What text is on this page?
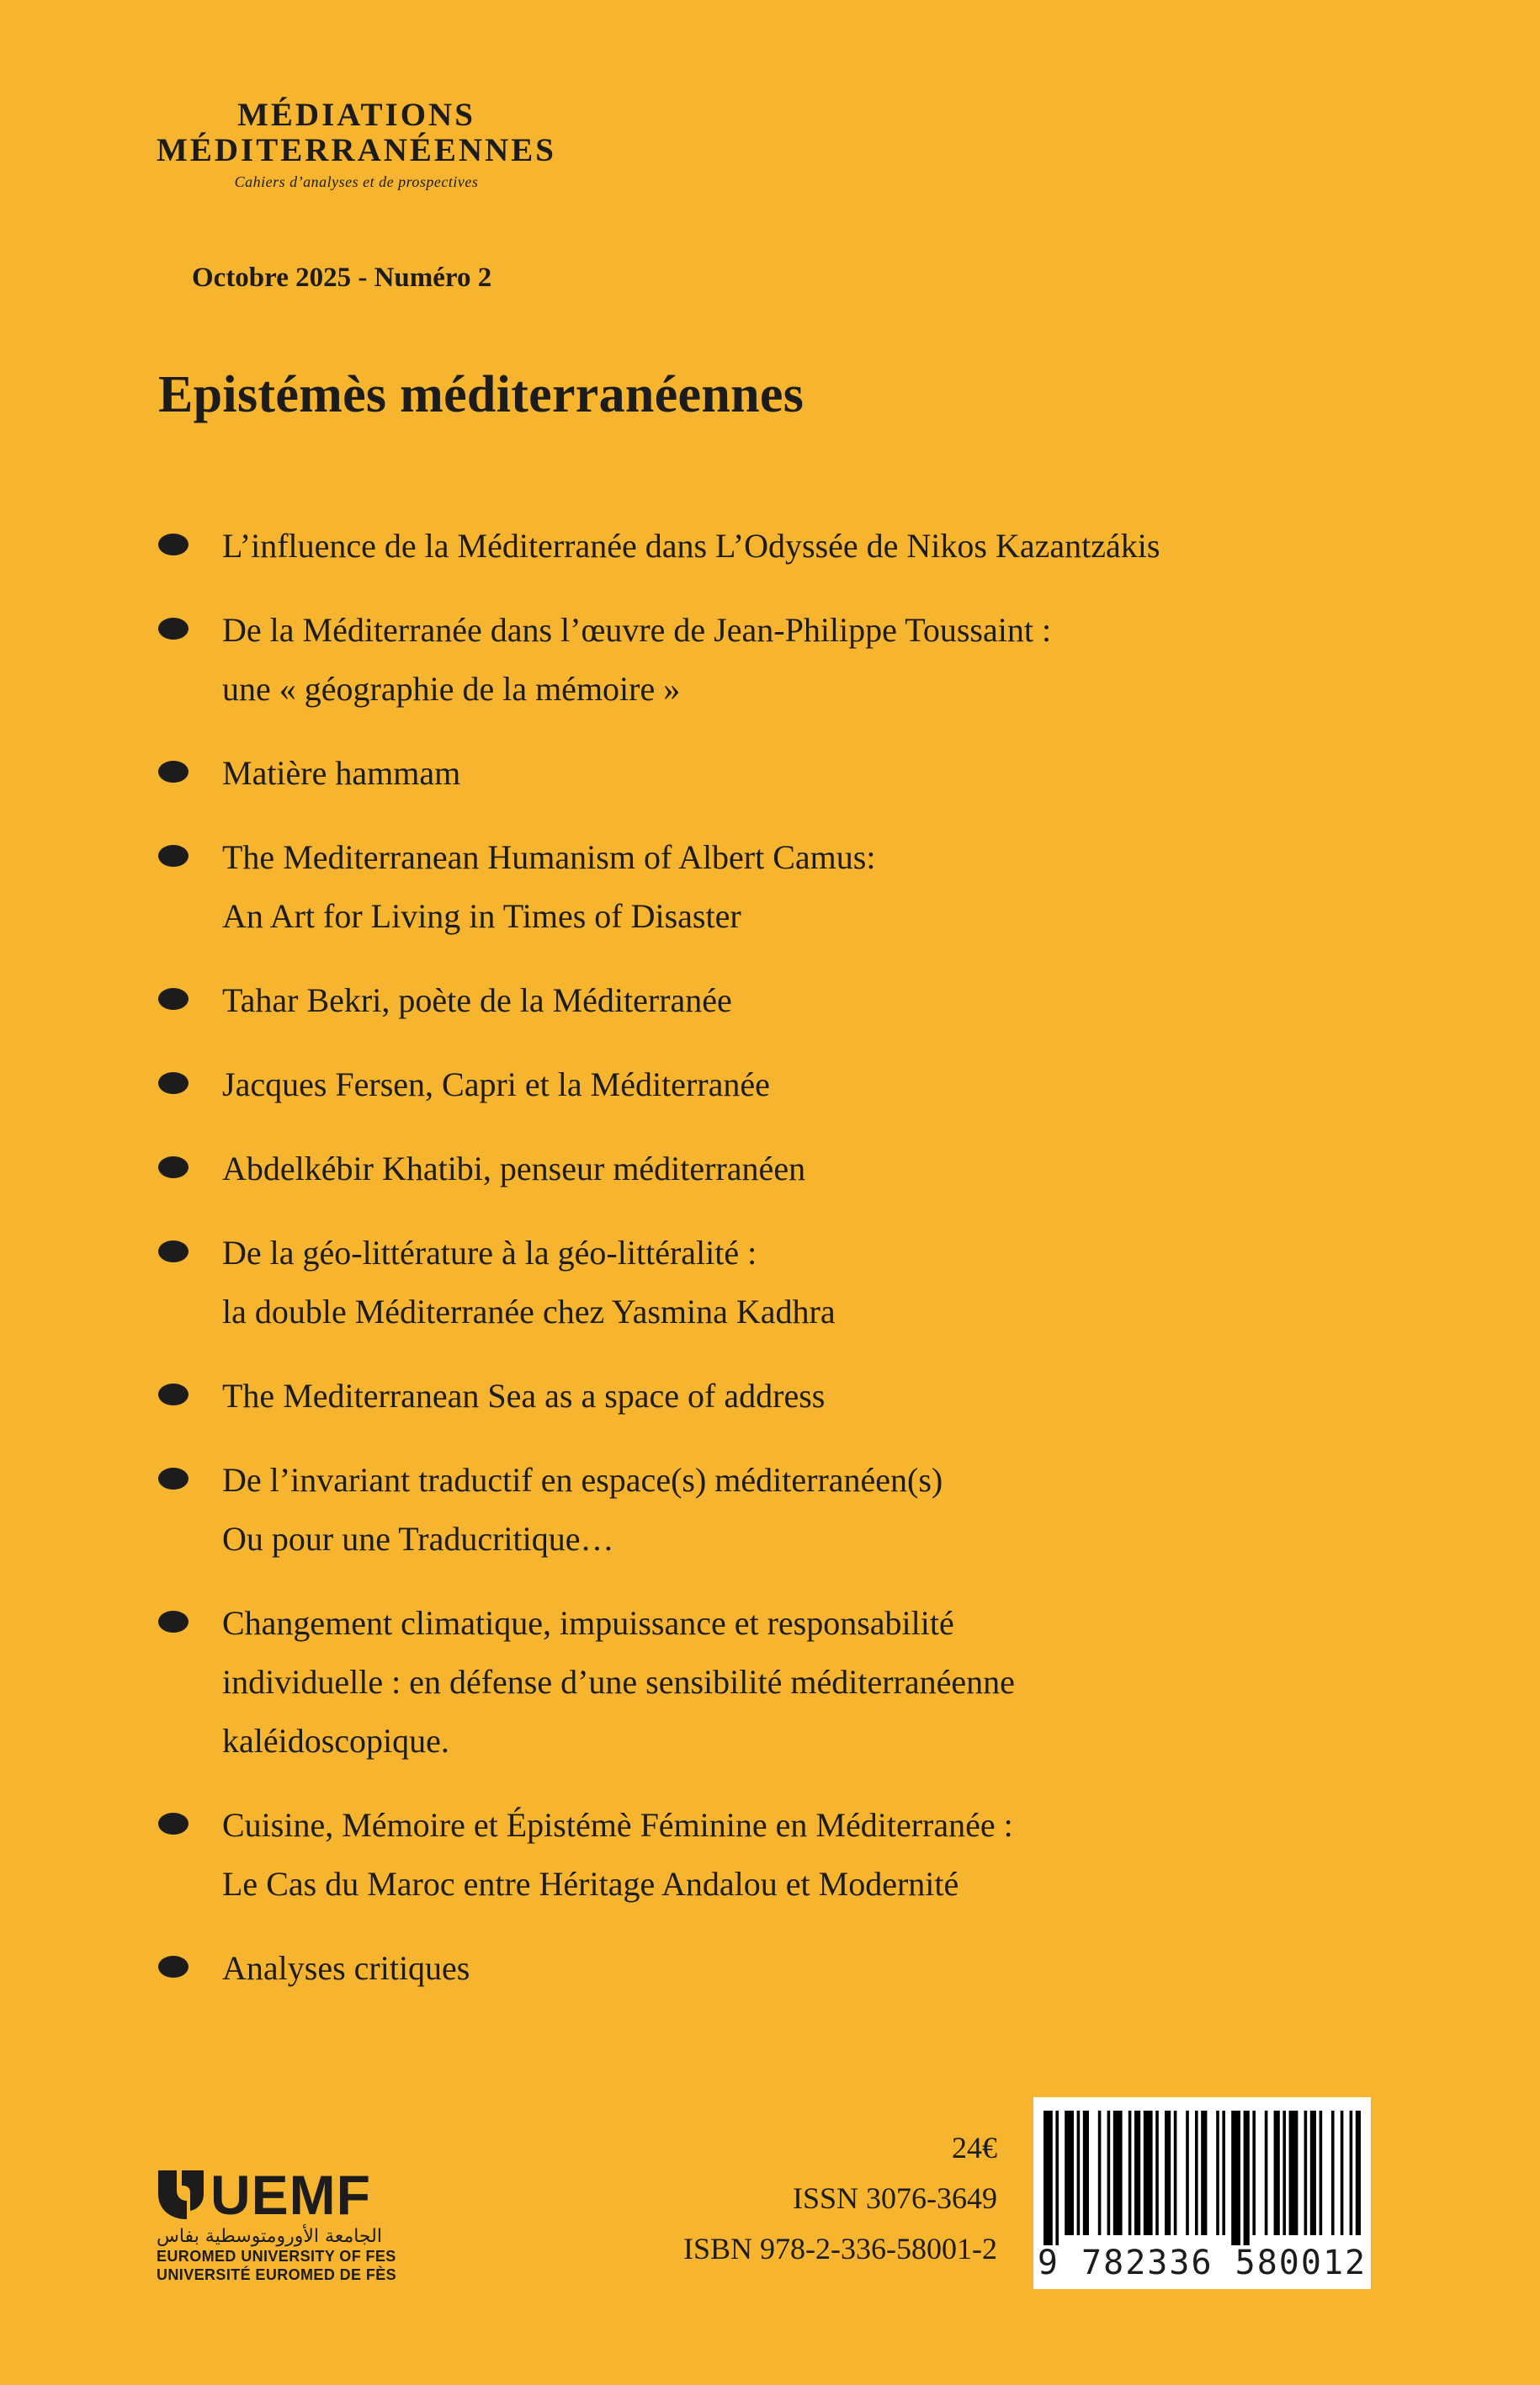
MÉDIATIONS
MÉDITERRANÉENNES
Cahiers d’analyses et de prospectives
Octobre 2025 - Numéro 2
Epistémès méditerranéennes
L’influence de la Méditerranée dans L’Odyssée de Nikos Kazantzákis
De la Méditerranée dans l’œuvre de Jean-Philippe Toussaint :
une « géographie de la mémoire »
Matière hammam
The Mediterranean Humanism of Albert Camus:
An Art for Living in Times of Disaster
Tahar Bekri, poète de la Méditerranée
Jacques Fersen, Capri et la Méditerranée
Abdelkébir Khatibi, penseur méditerranéen
De la géo-littérature à la géo-littéralité :
la double Méditerranée chez Yasmina Kadhra
The Mediterranean Sea as a space of address
De l’invariant traductif en espace(s) méditerranéen(s)
Ou pour une Traducritique…
Changement climatique, impuissance et responsabilité
individuelle : en défense d’une sensibilité méditerranéenne
kaléidoscopique.
Cuisine, Mémoire et Épistémè Féminine en Méditerranée :
Le Cas du Maroc entre Héritage Andalou et Modernité
Analyses critiques
UEMF
الجامعة الأورومتوسطية بفاس
EUROMED UNIVERSITY OF FES
UNIVERSITÉ EUROMED DE FÈS
24€
ISSN 3076-3649
ISBN 978-2-336-58001-2 9 782336 580012
